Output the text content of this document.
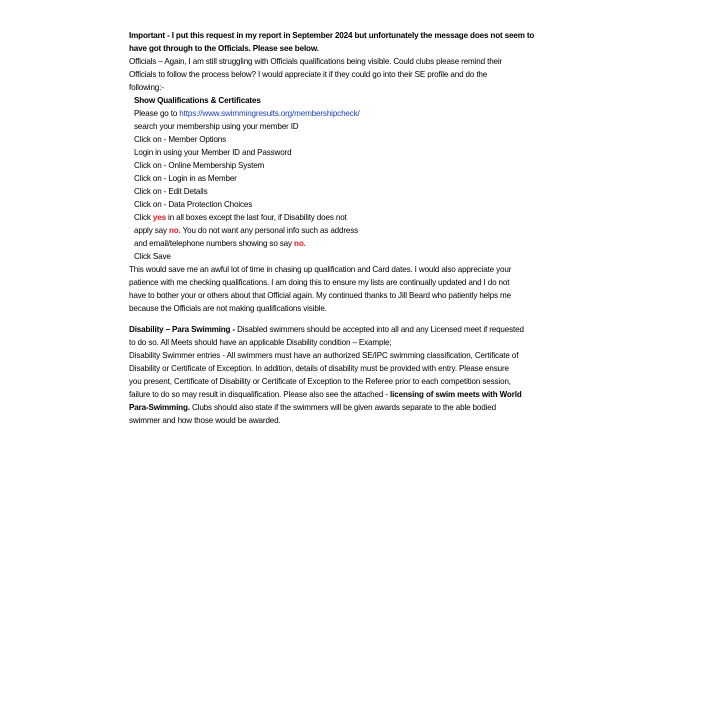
Important - I put this request in my report in September 2024 but unfortunately the message does not seem to
have got through to the Officials. Please see below.
Officials – Again, I am still struggling with Officials qualifications being visible. Could clubs please remind their
Officials to follow the process below? I would appreciate it if they could go into their SE profile and do the
following:-
Show Qualifications & Certificates
Please go to https://www.swimmingresults.org/membershipcheck/
search your membership using your member ID
Click on - Member Options
Login in using your Member ID and Password
Click on - Online Membership System
Click on - Login in as Member
Click on - Edit Details
Click on - Data Protection Choices
Click yes in all boxes except the last four, if Disability does not
apply say no. You do not want any personal info such as address
and email/telephone numbers showing so say no.
Click Save
This would save me an awful lot of time in chasing up qualification and Card dates. I would also appreciate your
patience with me checking qualifications. I am doing this to ensure my lists are continually updated and I do not
have to bother your or others about that Official again. My continued thanks to Jill Beard who patiently helps me
because the Officials are not making qualifications visible.
Disability – Para Swimming - Disabled swimmers should be accepted into all and any Licensed meet if requested
to do so. All Meets should have an applicable Disability condition – Example;
Disability Swimmer entries - All swimmers must have an authorized SE/IPC swimming classification, Certificate of
Disability or Certificate of Exception. In addition, details of disability must be provided with entry. Please ensure
you present, Certificate of Disability or Certificate of Exception to the Referee prior to each competition session,
failure to do so may result in disqualification. Please also see the attached - licensing of swim meets with World
Para-Swimming. Clubs should also state if the swimmers will be given awards separate to the able bodied
swimmer and how those would be awarded.
